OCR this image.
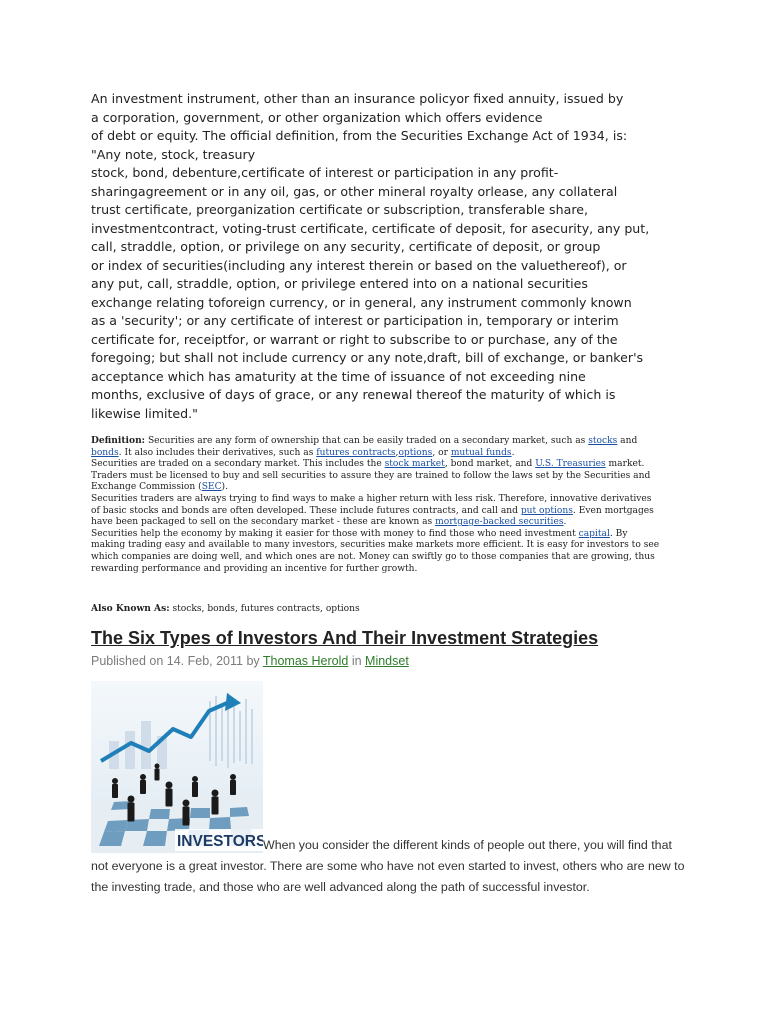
An investment instrument, other than an insurance policyor fixed annuity, issued by
a corporation, government, or other organization which offers evidence
of debt or equity. The official definition, from the Securities Exchange Act of 1934, is:
"Any note, stock, treasury
stock, bond, debenture,certificate of interest or participation in any profit-
sharingagreement or in any oil, gas, or other mineral royalty orlease, any collateral
trust certificate, preorganization certificate or subscription, transferable share,
investmentcontract, voting-trust certificate, certificate of deposit, for asecurity, any put,
call, straddle, option, or privilege on any security, certificate of deposit, or group
or index of securities(including any interest therein or based on the valuethereof), or
any put, call, straddle, option, or privilege entered into on a national securities
exchange relating toforeign currency, or in general, any instrument commonly known
as a 'security'; or any certificate of interest or participation in, temporary or interim
certificate for, receiptfor, or warrant or right to subscribe to or purchase, any of the
foregoing; but shall not include currency or any note,draft, bill of exchange, or banker's
acceptance which has amaturity at the time of issuance of not exceeding nine
months, exclusive of days of grace, or any renewal thereof the maturity of which is
likewise limited."

Definition: Securities are any form of ownership that can be easily traded on a secondary market, such as stocks and bonds. It also includes their derivatives, such as futures contracts,options, or mutual funds.

Securities are traded on a secondary market. This includes the stock market, bond market, and U.S. Treasuries market. Traders must be licensed to buy and sell securities to assure they are trained to follow the laws set by the Securities and Exchange Commission (SEC).

Securities traders are always trying to find ways to make a higher return with less risk. Therefore, innovative derivatives of basic stocks and bonds are often developed. These include futures contracts, and call and put options. Even mortgages have been packaged to sell on the secondary market - these are known as mortgage-backed securities.

Securities help the economy by making it easier for those with money to find those who need investment capital. By making trading easy and available to many investors, securities make markets more efficient. It is easy for investors to see which companies are doing well, and which ones are not. Money can swiftly go to those companies that are growing, thus rewarding performance and providing an incentive for further growth.

Also Known As: stocks, bonds, futures contracts, options

The Six Types of Investors And Their Investment Strategies

Published on 14. Feb, 2011 by Thomas Herold in Mindset

INVESTORS

When you consider the different kinds of people out there, you will find that not everyone is a great investor. There are some who have not even started to invest, others who are new to the investing trade, and those who are well advanced along the path of successful investor.
